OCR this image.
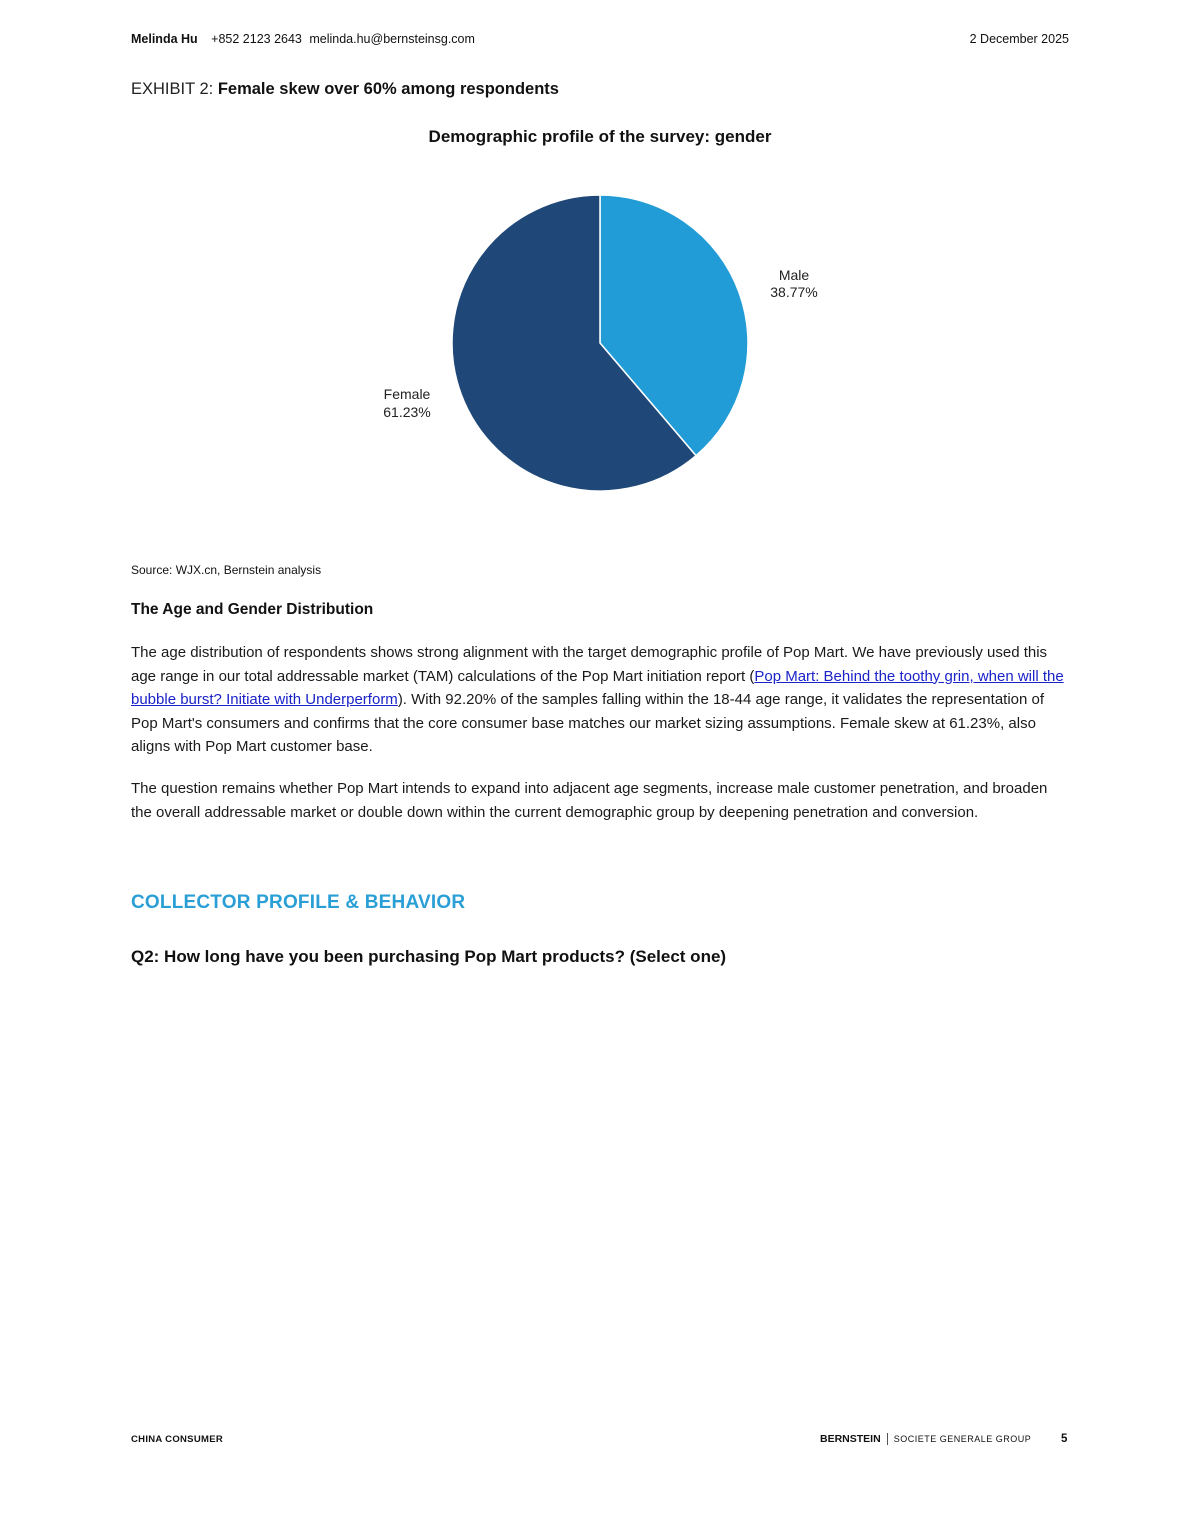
Melinda Hu +852 2123 2643 melinda.hu@bernsteinsg.com	2 December 2025
EXHIBIT 2: Female skew over 60% among respondents
Demographic profile of the survey: gender
Male
38.77%
Female
61.23%
Source: WJX.cn, Bernstein analysis
The Age and Gender Distribution
The age distribution of respondents shows strong alignment with the target demographic profile of Pop Mart. We have previously used this age range in our total addressable market (TAM) calculations of the Pop Mart initiation report (Pop Mart: Behind the toothy grin, when will the bubble burst? Initiate with Underperform). With 92.20% of the samples falling within the 18-44 age range, it validates the representation of Pop Mart's consumers and confirms that the core consumer base matches our market sizing assumptions. Female skew at 61.23%, also aligns with Pop Mart customer base.
The question remains whether Pop Mart intends to expand into adjacent age segments, increase male customer penetration, and broaden the overall addressable market or double down within the current demographic group by deepening penetration and conversion.
COLLECTOR PROFILE & BEHAVIOR
Q2: How long have you been purchasing Pop Mart products? (Select one)
CHINA CONSUMER	BERNSTEIN SOCIETE GENERALE GROUP	5
